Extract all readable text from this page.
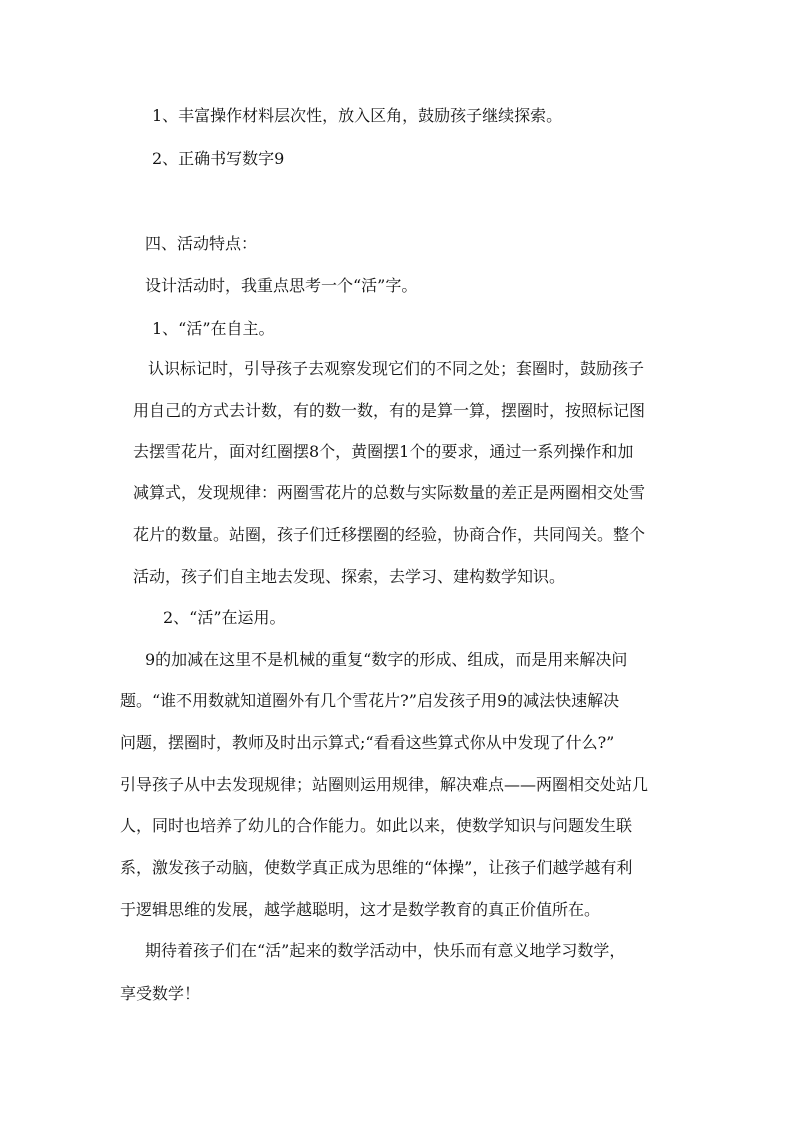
1、丰富操作材料层次性，放入区角，鼓励孩子继续探索。
2、正确书写数字9
四、活动特点：
设计活动时，我重点思考一个“活”字。
1、“活”在自主。
认识标记时，引导孩子去观察发现它们的不同之处；套圈时，鼓励孩子
用自己的方式去计数，有的数一数，有的是算一算，摆圈时，按照标记图
去摆雪花片，面对红圈摆8个，黄圈摆1个的要求，通过一系列操作和加
减算式，发现规律：两圈雪花片的总数与实际数量的差正是两圈相交处雪
花片的数量。站圈，孩子们迁移摆圈的经验，协商合作，共同闯关。整个
活动，孩子们自主地去发现、探索，去学习、建构数学知识。
2、“活”在运用。
9的加减在这里不是机械的重复“数字的形成、组成，而是用来解决问
题。“谁不用数就知道圈外有几个雪花片?”启发孩子用9的减法快速解决
问题，摆圈时，教师及时出示算式;“看看这些算式你从中发现了什么?”
引导孩子从中去发现规律；站圈则运用规律，解决难点——两圈相交处站几
人，同时也培养了幼儿的合作能力。如此以来，使数学知识与问题发生联
系，激发孩子动脑，使数学真正成为思维的“体操”，让孩子们越学越有利
于逻辑思维的发展，越学越聪明，这才是数学教育的真正价值所在。
期待着孩子们在“活”起来的数学活动中，快乐而有意义地学习数学，
享受数学！
